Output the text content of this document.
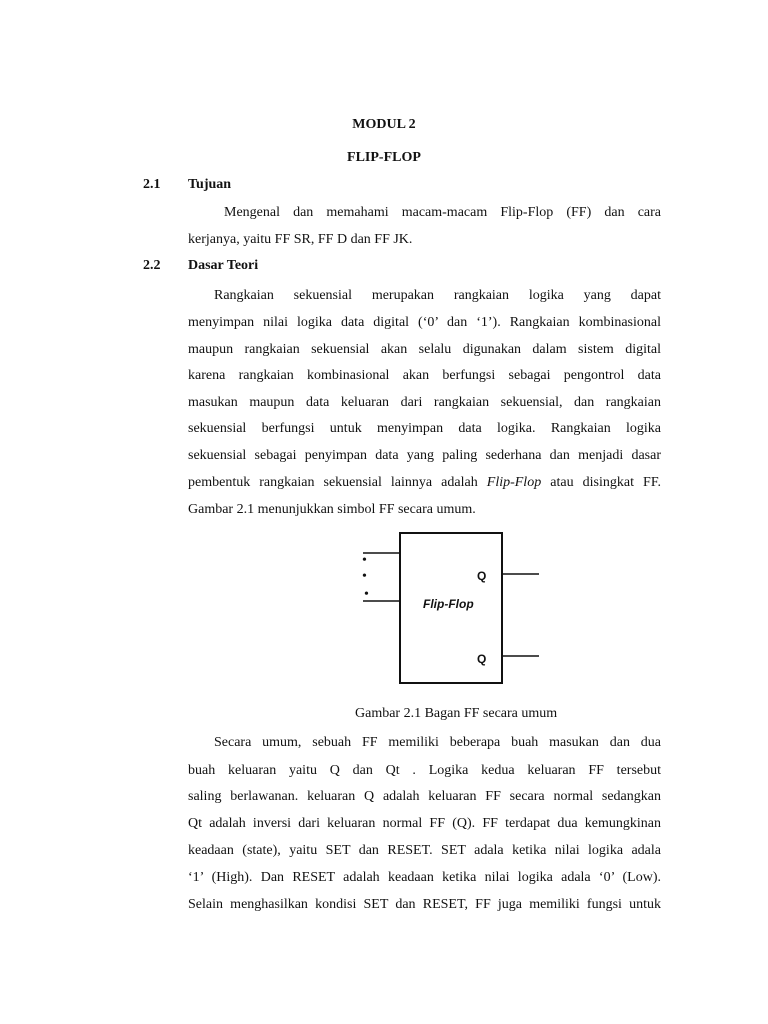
MODUL 2
FLIP-FLOP
2.1 Tujuan
Mengenal dan memahami macam-macam Flip-Flop (FF) dan cara
kerjanya, yaitu FF SR, FF D dan FF JK.
2.2 Dasar Teori
Rangkaian sekuensial merupakan rangkaian logika yang dapat
menyimpan nilai logika data digital (‘0’ dan ‘1’). Rangkaian kombinasional
maupun rangkaian sekuensial akan selalu digunakan dalam sistem digital
karena rangkaian kombinasional akan berfungsi sebagai pengontrol data
masukan maupun data keluaran dari rangkaian sekuensial, dan rangkaian
sekuensial berfungsi untuk menyimpan data logika. Rangkaian logika
sekuensial sebagai penyimpan data yang paling sederhana dan menjadi dasar
pembentuk rangkaian sekuensial lainnya adalah Flip-Flop atau disingkat FF.
Gambar 2.1 menunjukkan simbol FF secara umum.
•
•
•
Q
Q
Flip-Flop
Gambar 2.1 Bagan FF secara umum
Secara umum, sebuah FF memiliki beberapa buah masukan dan dua
buah keluaran yaitu Q dan Qt . Logika kedua keluaran FF tersebut
saling berlawanan. keluaran Q adalah keluaran FF secara normal sedangkan
Qt adalah inversi dari keluaran normal FF (Q). FF terdapat dua kemungkinan
keadaan (state), yaitu SET dan RESET. SET adala ketika nilai logika adala
‘1’ (High). Dan RESET adalah keadaan ketika nilai logika adala ‘0’ (Low).
Selain menghasilkan kondisi SET dan RESET, FF juga memiliki fungsi untuk
